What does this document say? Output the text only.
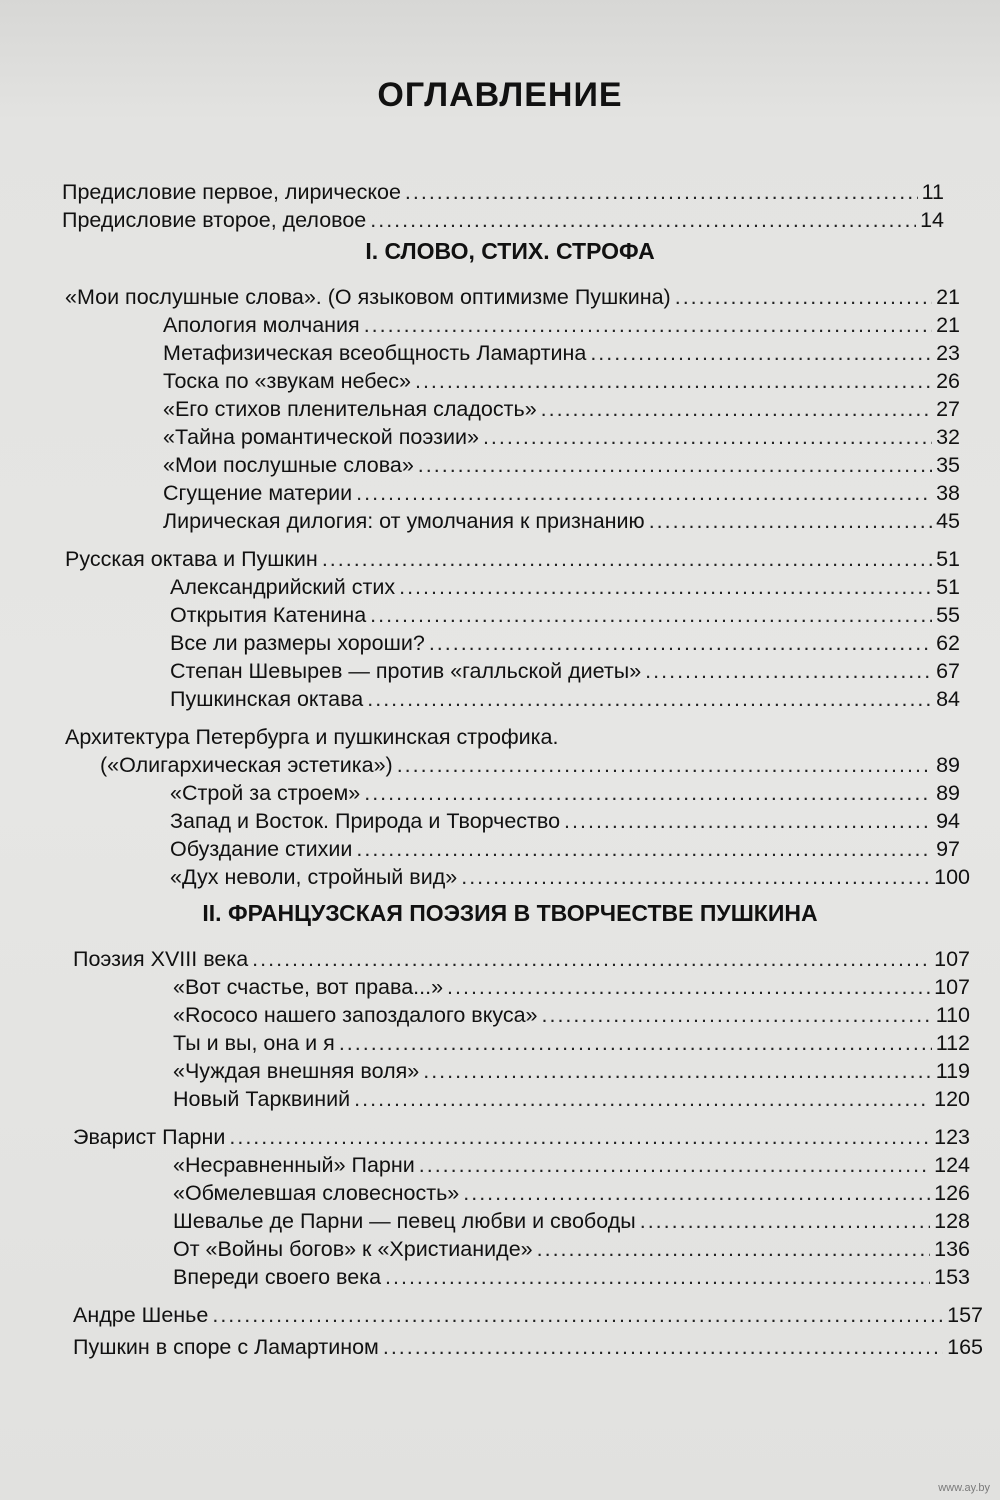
ОГЛАВЛЕНИЕ
Предисловие первое, лирическое .....	11
Предисловие второе, деловое .....	14
I. СЛОВО, СТИХ. СТРОФА
«Мои послушные слова». (О языковом оптимизме Пушкина) .....	21
Апология молчания .....	21
Метафизическая всеобщность Ламартина .....	23
Тоска по «звукам небес» .....	26
«Его стихов пленительная сладость» .....	27
«Тайна романтической поэзии» .....	32
«Мои послушные слова» .....	35
Сгущение материи .....	38
Лирическая дилогия: от умолчания к признанию .....	45
Русская октава и Пушкин .....	51
Александрийский стих .....	51
Открытия Катенина .....	55
Все ли размеры хороши? .....	62
Степан Шевырев — против «галльской диеты» .....	67
Пушкинская октава .....	84
Архитектура Петербурга и пушкинская строфика.
(«Олигархическая эстетика») .....	89
«Строй за строем» .....	89
Запад и Восток. Природа и Творчество .....	94
Обуздание стихии .....	97
«Дух неволи, стройный вид» .....	100
II. ФРАНЦУЗСКАЯ ПОЭЗИЯ В ТВОРЧЕСТВЕ ПУШКИНА
Поэзия XVIII века .....	107
«Вот счастье, вот права...» .....	107
«Rococo нашего запоздалого вкуса» .....	110
Ты и вы, она и я .....	112
«Чуждая внешняя воля» .....	119
Новый Тарквиний .....	120
Эварист Парни .....	123
«Несравненный» Парни .....	124
«Обмелевшая словесность» .....	126
Шевалье де Парни — певец любви и свободы .....	128
От «Войны богов» к «Христианиде» .....	136
Впереди своего века .....	153
Андре Шенье .....	157
Пушкин в споре с Ламартином .....	165
www.ay.by
